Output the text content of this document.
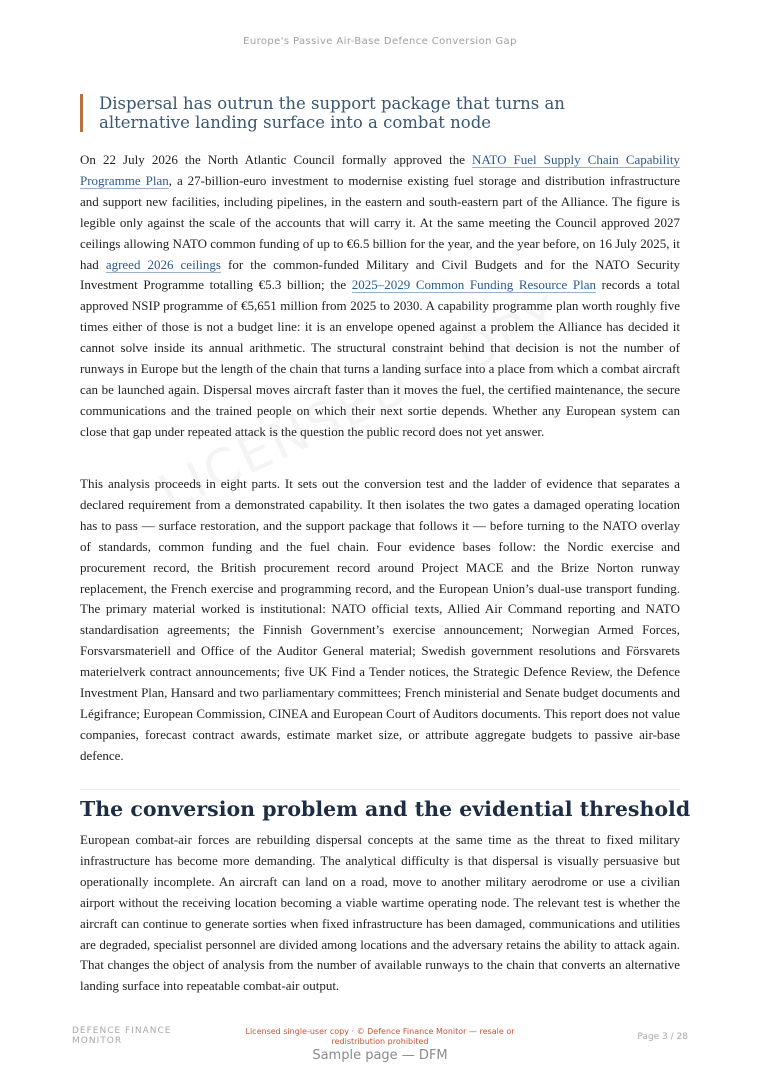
Europe's Passive Air-Base Defence Conversion Gap
Dispersal has outrun the support package that turns an alternative landing surface into a combat node

On 22 July 2026 the North Atlantic Council formally approved the NATO Fuel Supply Chain Capability Programme Plan, a 27-billion-euro investment to modernise existing fuel storage and distribution infrastructure and support new facilities, including pipelines, in the eastern and south-eastern part of the Alliance. The figure is legible only against the scale of the accounts that will carry it. At the same meeting the Council approved 2027 ceilings allowing NATO common funding of up to €6.5 billion for the year, and the year before, on 16 July 2025, it had agreed 2026 ceilings for the common-funded Military and Civil Budgets and for the NATO Security Investment Programme totalling €5.3 billion; the 2025–2029 Common Funding Resource Plan records a total approved NSIP programme of €5,651 million from 2025 to 2030. A capability programme plan worth roughly five times either of those is not a budget line: it is an envelope opened against a problem the Alliance has decided it cannot solve inside its annual arithmetic. The structural constraint behind that decision is not the number of runways in Europe but the length of the chain that turns a landing surface into a place from which a combat aircraft can be launched again. Dispersal moves aircraft faster than it moves the fuel, the certified maintenance, the secure communications and the trained people on which their next sortie depends. Whether any European system can close that gap under repeated attack is the question the public record does not yet answer.

This analysis proceeds in eight parts. It sets out the conversion test and the ladder of evidence that separates a declared requirement from a demonstrated capability. It then isolates the two gates a damaged operating location has to pass — surface restoration, and the support package that follows it — before turning to the NATO overlay of standards, common funding and the fuel chain. Four evidence bases follow: the Nordic exercise and procurement record, the British procurement record around Project MACE and the Brize Norton runway replacement, the French exercise and programming record, and the European Union’s dual-use transport funding. The primary material worked is institutional: NATO official texts, Allied Air Command reporting and NATO standardisation agreements; the Finnish Government’s exercise announcement; Norwegian Armed Forces, Forsvarsmateriell and Office of the Auditor General material; Swedish government resolutions and Försvarets materielverk contract announcements; five UK Find a Tender notices, the Strategic Defence Review, the Defence Investment Plan, Hansard and two parliamentary committees; French ministerial and Senate budget documents and Légifrance; European Commission, CINEA and European Court of Auditors documents. This report does not value companies, forecast contract awards, estimate market size, or attribute aggregate budgets to passive air-base defence.

The conversion problem and the evidential threshold

European combat-air forces are rebuilding dispersal concepts at the same time as the threat to fixed military infrastructure has become more demanding. The analytical difficulty is that dispersal is visually persuasive but operationally incomplete. An aircraft can land on a road, move to another military aerodrome or use a civilian airport without the receiving location becoming a viable wartime operating node. The relevant test is whether the aircraft can continue to generate sorties when fixed infrastructure has been damaged, communications and utilities are degraded, specialist personnel are divided among locations and the adversary retains the ability to attack again. That changes the object of analysis from the number of available runways to the chain that converts an alternative landing surface into repeatable combat-air output.

DEFENCE FINANCE
MONITOR
Licensed single-user copy · © Defence Finance Monitor — resale or redistribution prohibited	Page 3 / 28
Sample page — DFM
